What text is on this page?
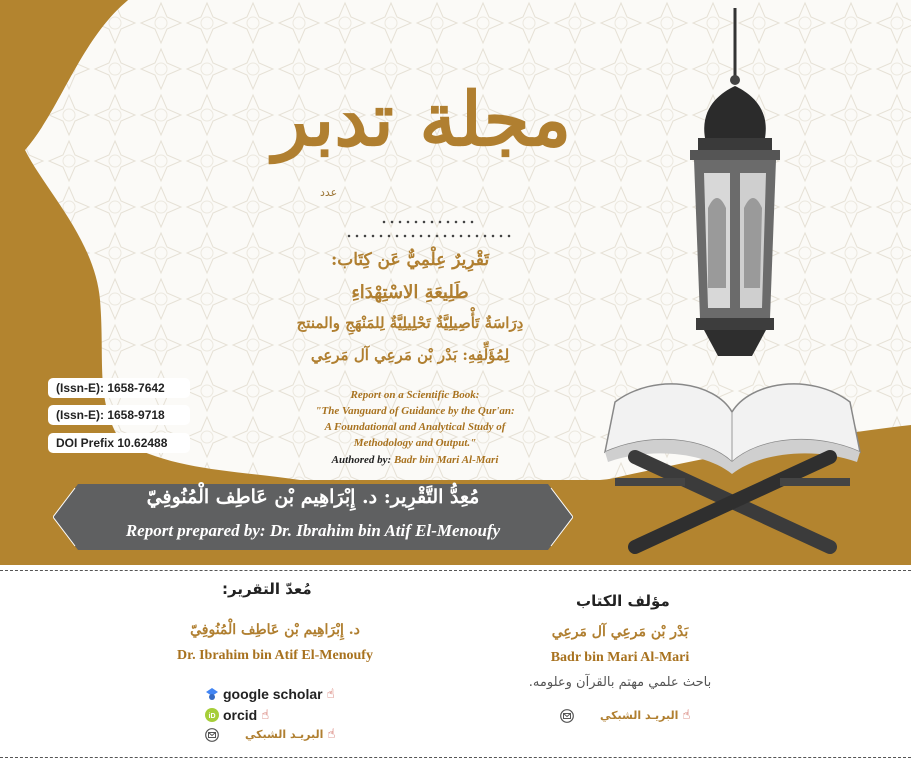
مجلة تدبر
عدد
تَقْرِيرٌ عِلْمِيٌّ عَن كِتَاب:
طَلِيعَةِ الاسْتِهْدَاءِ
دِرَاسَةٌ تَأْصِيلِيَّةٌ تَحْلِيلِيَّةٌ لِلمَنْهَجِ والمنتج
لِمُؤَلِّفِهِ: بَدْر بْن مَرعِي آل مَرعِي
Report on a Scientific Book:
"The Vanguard of Guidance by the Qur'an:
A Foundational and Analytical Study of
Methodology and Output."
Authored by: Badr bin Mari Al-Mari
(Issn-E): 1658-7642
(Issn-E): 1658-9718
DOI Prefix 10.62488
مُعِدُّ التَّقْرِير: د. إِبْرَاهِيم بْن عَاطِف الْمُنُوفِيّ
Report prepared by: Dr. Ibrahim bin Atif El-Menoufy
مُعدّ التقرير:
د. إِبْرَاهِيم بْن عَاطِف الْمُنُوفِيّ
Dr. Ibrahim bin Atif El-Menoufy
google scholar ☝
iD orcid ☝
البريـد الشبكي ☝
مؤلف الكتاب
بَدْر بْن مَرعِي آل مَرعِي
Badr bin Mari Al-Mari
باحث علمي مهتم بالقرآن وعلومه.
البريـد الشبكي ☝
